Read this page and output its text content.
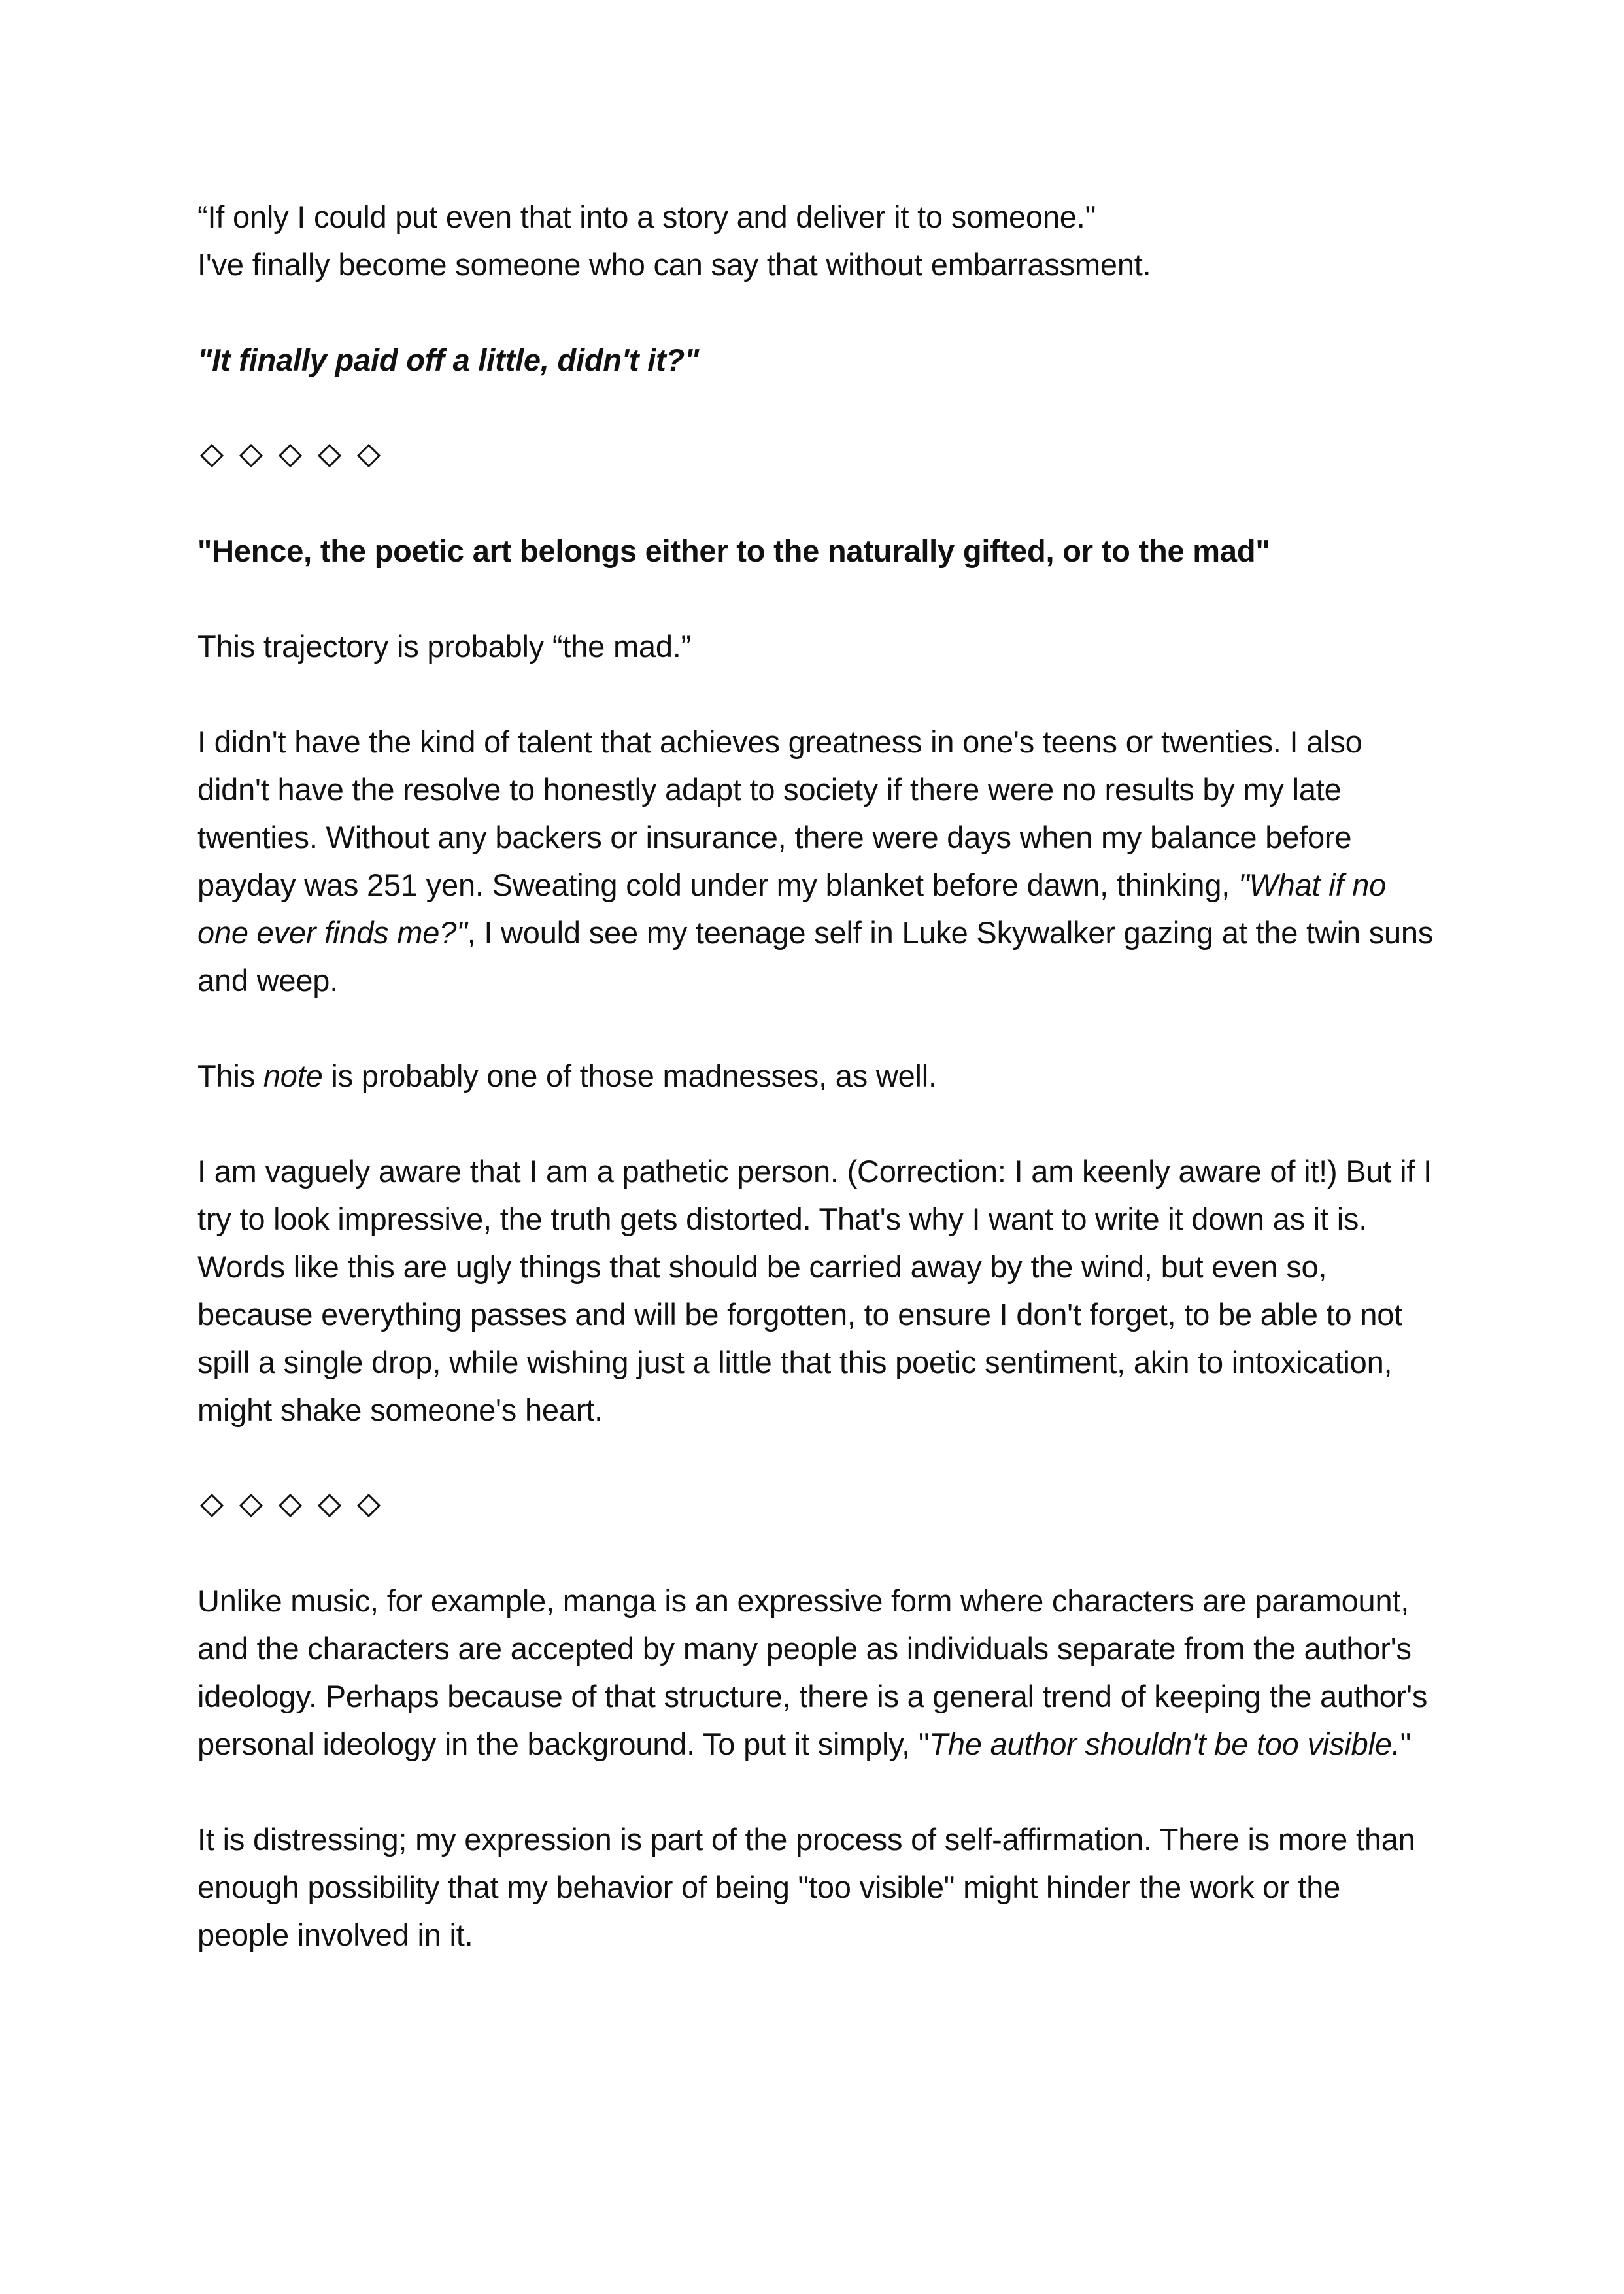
“If only I could put even that into a story and deliver it to someone."
I've finally become someone who can say that without embarrassment.

"It finally paid off a little, didn't it?"

"Hence, the poetic art belongs either to the naturally gifted, or to the mad"

This trajectory is probably “the mad.”

I didn't have the kind of talent that achieves greatness in one's teens or twenties. I also didn't have the resolve to honestly adapt to society if there were no results by my late twenties. Without any backers or insurance, there were days when my balance before payday was 251 yen. Sweating cold under my blanket before dawn, thinking, "What if no one ever finds me?", I would see my teenage self in Luke Skywalker gazing at the twin suns and weep.

This note is probably one of those madnesses, as well.

I am vaguely aware that I am a pathetic person. (Correction: I am keenly aware of it!) But if I try to look impressive, the truth gets distorted. That's why I want to write it down as it is. Words like this are ugly things that should be carried away by the wind, but even so, because everything passes and will be forgotten, to ensure I don't forget, to be able to not spill a single drop, while wishing just a little that this poetic sentiment, akin to intoxication, might shake someone's heart.

Unlike music, for example, manga is an expressive form where characters are paramount, and the characters are accepted by many people as individuals separate from the author's ideology. Perhaps because of that structure, there is a general trend of keeping the author's personal ideology in the background. To put it simply, "The author shouldn't be too visible."

It is distressing; my expression is part of the process of self-affirmation. There is more than enough possibility that my behavior of being "too visible" might hinder the work or the people involved in it.
